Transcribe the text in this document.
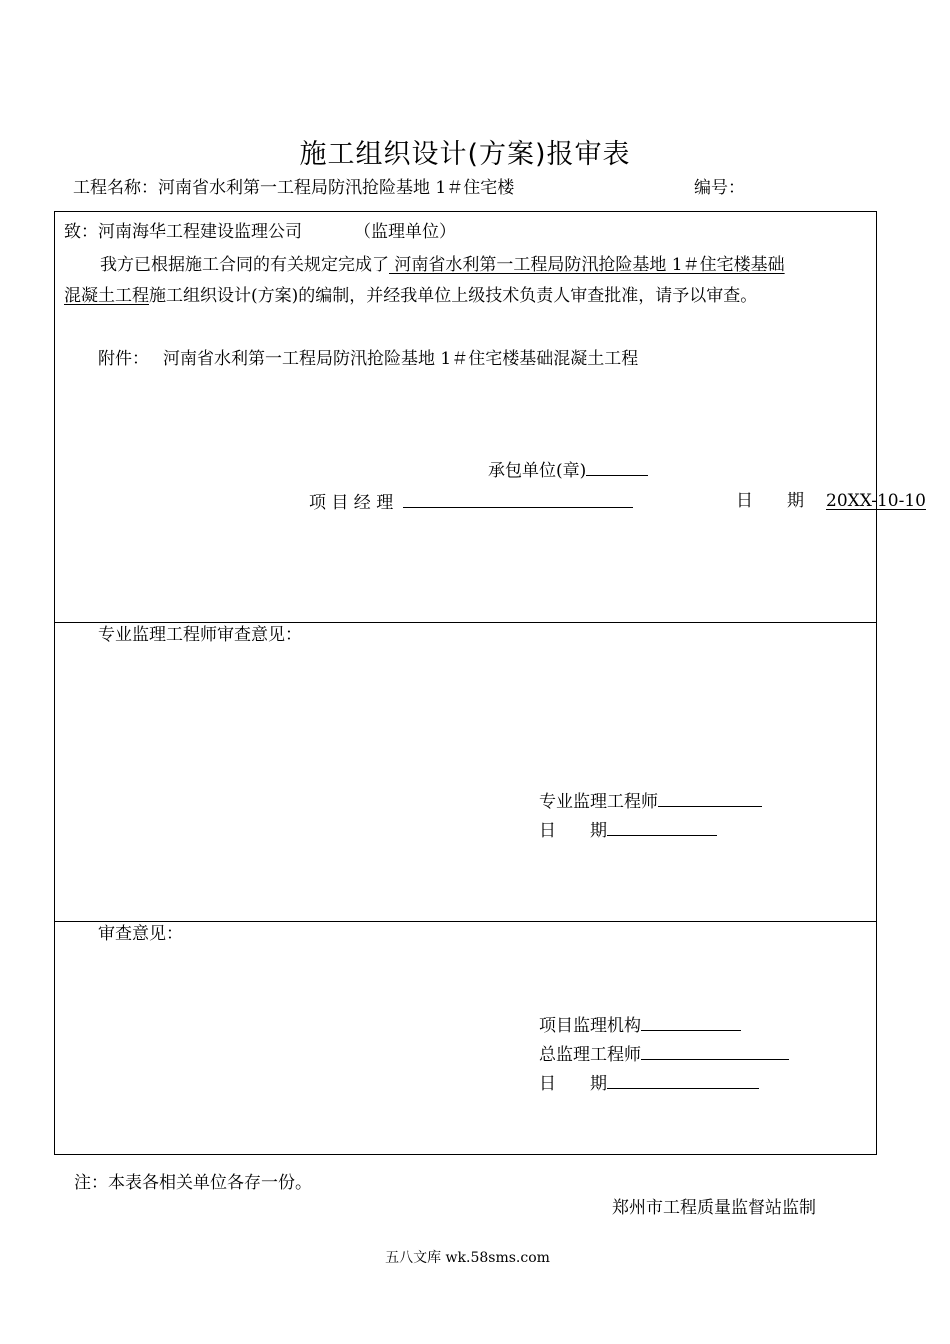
施工组织设计(方案)报审表
工程名称：河南省水利第一工程局防汛抢险基地 1＃住宅楼	编号：
致：河南海华工程建设监理公司	（监理单位）
我方已根据施工合同的有关规定完成了 河南省水利第一工程局防汛抢险基地 1＃住宅楼基础
混凝土工程施工组织设计(方案)的编制，并经我单位上级技术负责人审查批准，请予以审查。
附件： 河南省水利第一工程局防汛抢险基地 1＃住宅楼基础混凝土工程
承包单位(章)
项 目 经 理	日　　期 20XX-10-10
专业监理工程师审查意见：
专业监理工程师
日　　期
审查意见：
项目监理机构
总监理工程师
日　　期
注：本表各相关单位各存一份。
郑州市工程质量监督站监制
五八文库 wk.58sms.com
